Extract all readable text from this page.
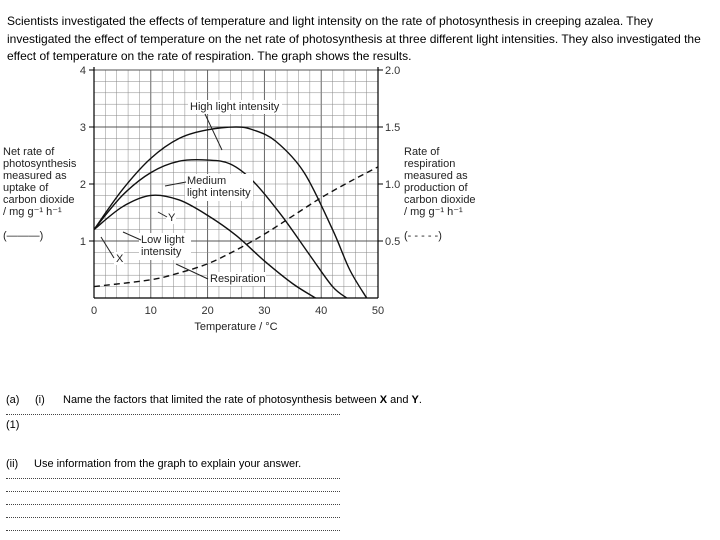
Scientists investigated the effects of temperature and light intensity on the rate of photosynthesis in creeping azalea. They investigated the effect of temperature on the net rate of photosynthesis at three different light intensities. They also investigated the effect of temperature on the rate of respiration. The graph shows the results.
Net rate of
photosynthesis
measured as
uptake of
carbon dioxide
/ mg g⁻¹ h⁻¹
(———)
Rate of
respiration
measured as
production of
carbon dioxide
/ mg g⁻¹ h⁻¹
(- - - - -)
0	10	20	30	40	50
1
2
3
4
0.5
1.0
1.5
2.0
High light intensity
Medium
light intensity
Low light
intensity
Respiration
X
Y
Temperature / °C
(a) (i) Name the factors that limited the rate of photosynthesis between X and Y.
(1)
(ii) Use information from the graph to explain your answer.
